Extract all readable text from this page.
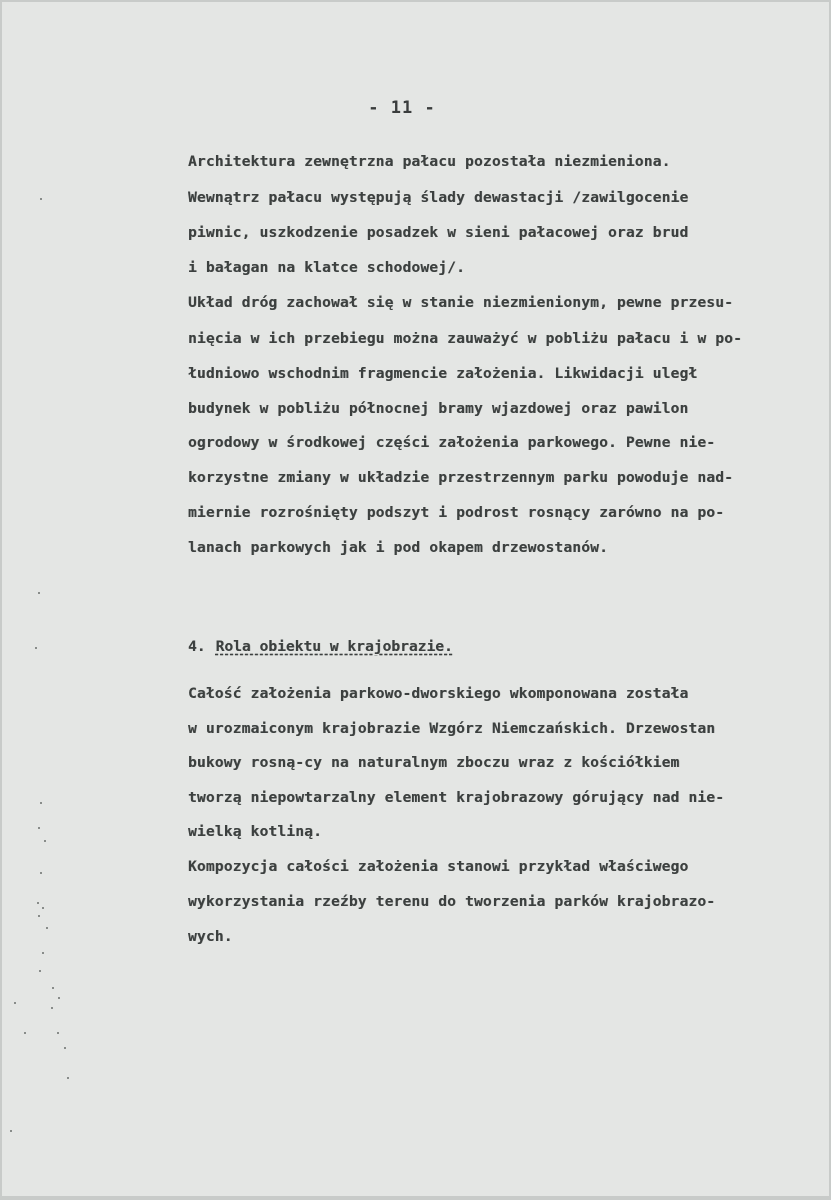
- 11 -
Architektura zewnętrzna pałacu pozostała niezmieniona.
Wewnątrz pałacu występują ślady dewastacji /zawilgocenie
piwnic, uszkodzenie posadzek w sieni pałacowej oraz brud
i bałagan na klatce schodowej/.
Układ dróg zachował się w stanie niezmienionym, pewne przesu-
nięcia w ich przebiegu można zauważyć w pobliżu pałacu i w po-
łudniowo wschodnim fragmencie założenia. Likwidacji uległ
budynek w pobliżu północnej bramy wjazdowej oraz pawilon
ogrodowy w środkowej części założenia parkowego. Pewne nie-
korzystne zmiany w układzie przestrzennym parku powoduje nad-
miernie rozrośnięty podszyt i podrost rosnący zarówno na po-
lanach parkowych jak i pod okapem drzewostanów.
4. Rola obiektu w krajobrazie.
Całość założenia parkowo-dworskiego wkomponowana została
w urozmaiconym krajobrazie Wzgórz Niemczańskich. Drzewostan
bukowy rosną-cy na naturalnym zboczu wraz z kościółkiem
tworzą niepowtarzalny element krajobrazowy górujący nad nie-
wielką kotliną.
Kompozycja całości założenia stanowi przykład właściwego
wykorzystania rzeźby terenu do tworzenia parków krajobrazo-
wych.
